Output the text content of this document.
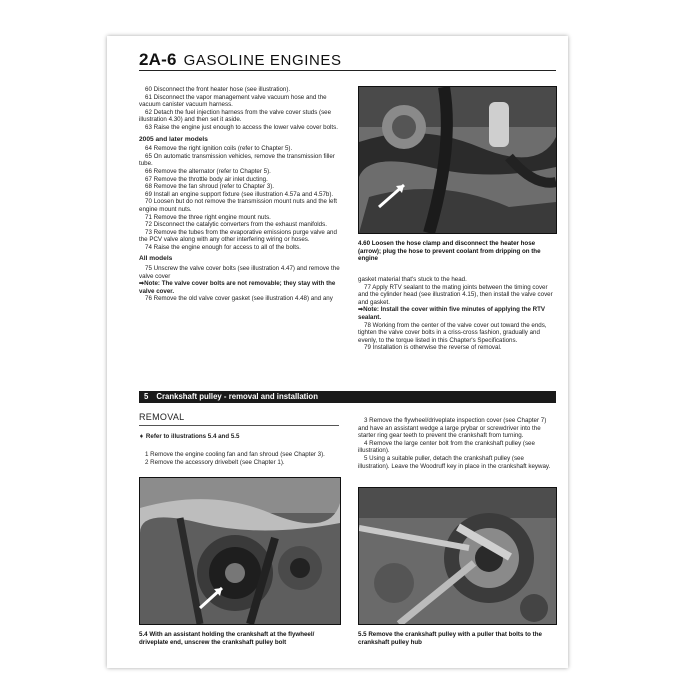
2A-6 GASOLINE ENGINES

60 Disconnect the front heater hose (see illustration).

61 Disconnect the vapor management valve vacuum hose and the vacuum canister vacuum harness.

62 Detach the fuel injection harness from the valve cover studs (see illustration 4.30) and then set it aside.

63 Raise the engine just enough to access the lower valve cover bolts.

2005 and later models

64 Remove the right ignition coils (refer to Chapter 5).

65 On automatic transmission vehicles, remove the transmission filler tube.

66 Remove the alternator (refer to Chapter 5).

67 Remove the throttle body air inlet ducting.

68 Remove the fan shroud (refer to Chapter 3).

69 Install an engine support fixture (see illustration 4.57a and 4.57b).

70 Loosen but do not remove the transmission mount nuts and the left engine mount nuts.

71 Remove the three right engine mount nuts.

72 Disconnect the catalytic converters from the exhaust manifolds.

73 Remove the tubes from the evaporative emissions purge valve and the PCV valve along with any other interfering wiring or hoses.

74 Raise the engine enough for access to all of the bolts.

All models

75 Unscrew the valve cover bolts (see illustration 4.47) and remove the valve cover

➡Note: The valve cover bolts are not removable; they stay with the valve cover.

76 Remove the old valve cover gasket (see illustration 4.48) and any

4.60 Loosen the hose clamp and disconnect the heater hose (arrow); plug the hose to prevent coolant from dripping on the engine

gasket material that's stuck to the head.

77 Apply RTV sealant to the mating joints between the timing cover and the cylinder head (see illustration 4.15), then install the valve cover and gasket.

➡Note: Install the cover within five minutes of applying the RTV sealant.

78 Working from the center of the valve cover out toward the ends, tighten the valve cover bolts in a criss-cross fashion, gradually and evenly, to the torque listed in this Chapter's Specifications.

79 Installation is otherwise the reverse of removal.

5 Crankshaft pulley - removal and installation
REMOVAL
➧ Refer to illustrations 5.4 and 5.5

1 Remove the engine cooling fan and fan shroud (see Chapter 3).

2 Remove the accessory drivebelt (see Chapter 1).

3 Remove the flywheel/driveplate inspection cover (see Chapter 7) and have an assistant wedge a large prybar or screwdriver into the starter ring gear teeth to prevent the crankshaft from turning.

4 Remove the large center bolt from the crankshaft pulley (see illustration).

5 Using a suitable puller, detach the crankshaft pulley (see illustration). Leave the Woodruff key in place in the crankshaft keyway.

5.4 With an assistant holding the crankshaft at the flywheel/ driveplate end, unscrew the crankshaft pulley bolt
5.5 Remove the crankshaft pulley with a puller that bolts to the crankshaft pulley hub
